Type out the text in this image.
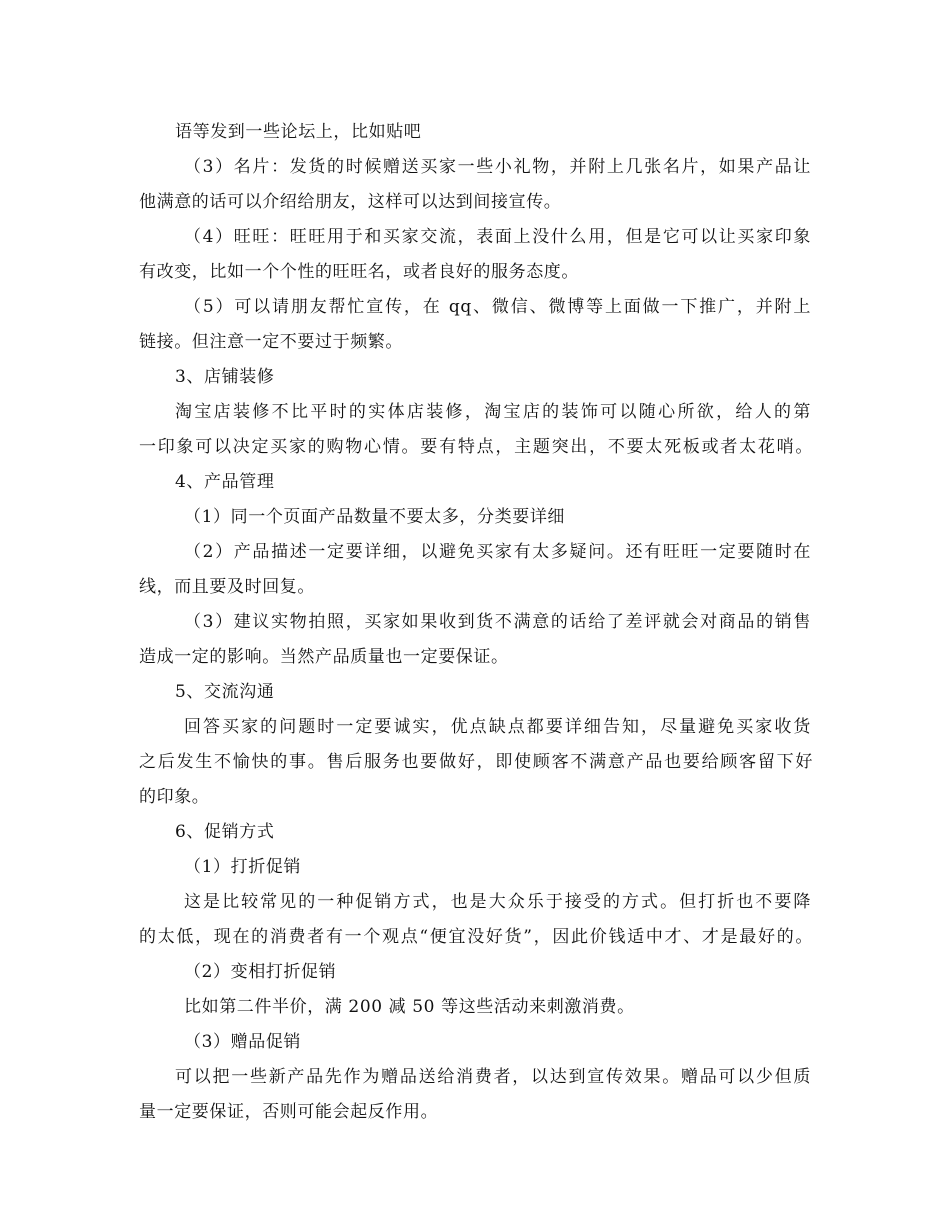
语等发到一些论坛上，比如贴吧
（3）名片：发货的时候赠送买家一些小礼物，并附上几张名片，如果产品让
他满意的话可以介绍给朋友，这样可以达到间接宣传。
（4）旺旺：旺旺用于和买家交流，表面上没什么用，但是它可以让买家印象
有改变，比如一个个性的旺旺名，或者良好的服务态度。
（5）可以请朋友帮忙宣传，在 qq、微信、微博等上面做一下推广，并附上
链接。但注意一定不要过于频繁。
3、店铺装修
淘宝店装修不比平时的实体店装修，淘宝店的装饰可以随心所欲，给人的第
一印象可以决定买家的购物心情。要有特点，主题突出，不要太死板或者太花哨。
4、产品管理
（1）同一个页面产品数量不要太多，分类要详细
（2）产品描述一定要详细，以避免买家有太多疑问。还有旺旺一定要随时在
线，而且要及时回复。
（3）建议实物拍照，买家如果收到货不满意的话给了差评就会对商品的销售
造成一定的影响。当然产品质量也一定要保证。
5、交流沟通
回答买家的问题时一定要诚实，优点缺点都要详细告知，尽量避免买家收货
之后发生不愉快的事。售后服务也要做好，即使顾客不满意产品也要给顾客留下好
的印象。
6、促销方式
（1）打折促销
这是比较常见的一种促销方式，也是大众乐于接受的方式。但打折也不要降
的太低，现在的消费者有一个观点“便宜没好货”，因此价钱适中才、才是最好的。
（2）变相打折促销
比如第二件半价，满 200 减 50 等这些活动来刺激消费。
（3）赠品促销
可以把一些新产品先作为赠品送给消费者，以达到宣传效果。赠品可以少但质
量一定要保证，否则可能会起反作用。
